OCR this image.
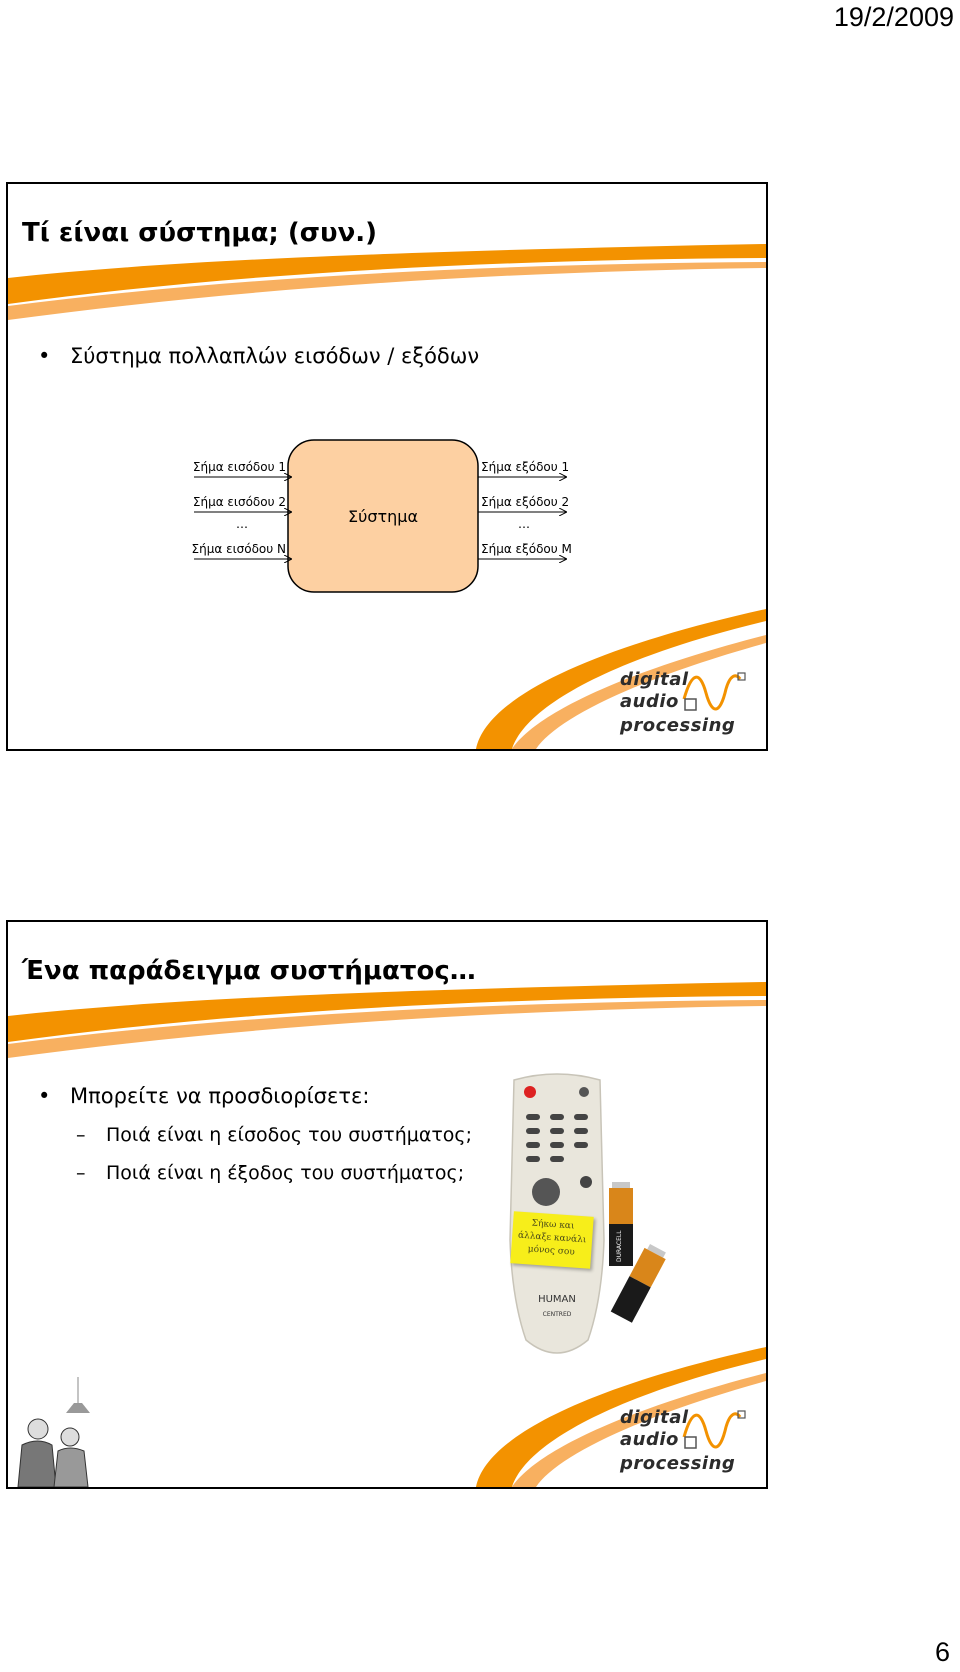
19/2/2009
Τί είναι σύστημα; (συν.)
• Σύστημα πολλαπλών εισόδων / εξόδων
Σύστημα
Σήμα εισόδου 1
Σήμα εισόδου 2
…
Σήμα εισόδου Ν
Σήμα εξόδου 1
Σήμα εξόδου 2
…
Σήμα εξόδου Μ
digital
audio
processing
Ένα παράδειγμα συστήματος…
• Μπορείτε να προσδιορίσετε:
– Ποιά είναι η είσοδος του συστήματος;
– Ποιά είναι η έξοδος του συστήματος;
HUMAN
CENTRED
Σήκω και άλλαξε κανάλι μόνος σου	DURACELL
digital
audio
processing
6
